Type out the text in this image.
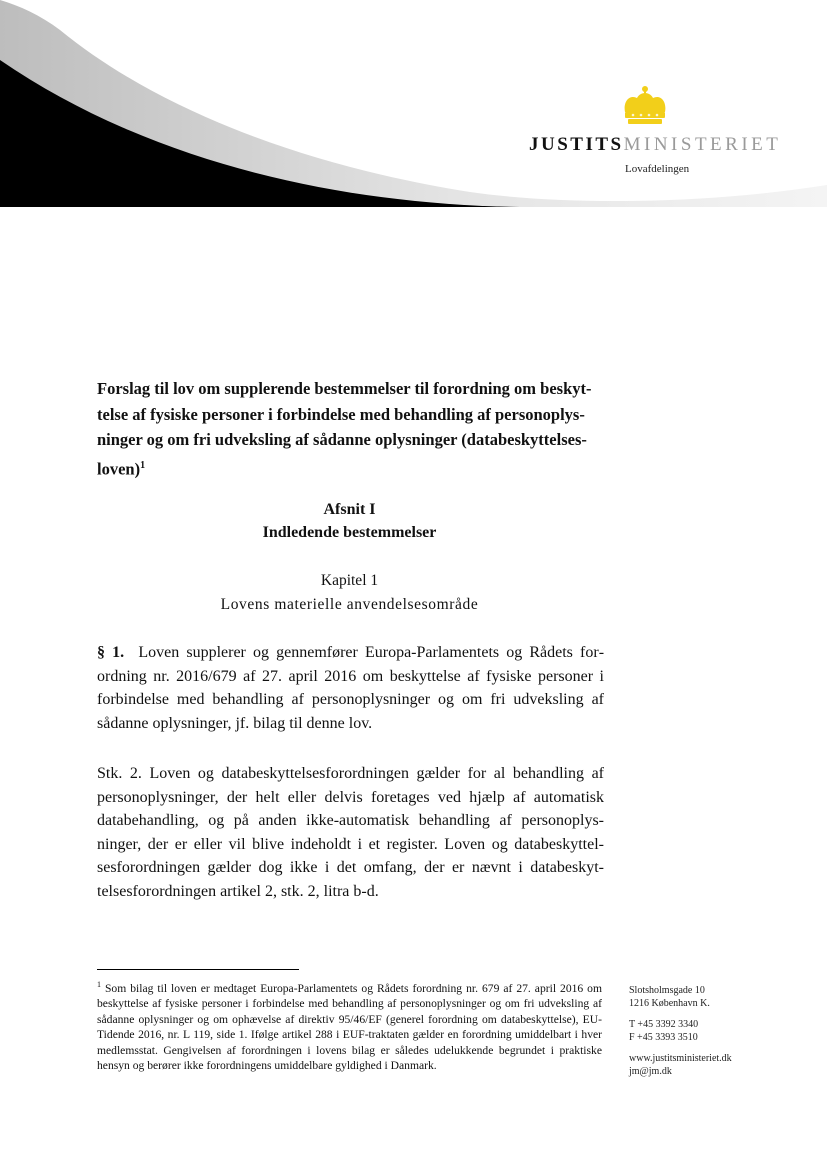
JUSTITSMINISTERIET
Lovafdelingen
Forslag til lov om supplerende bestemmelser til forordning om beskyttelse af fysiske personer i forbindelse med behandling af personoplysninger og om fri udveksling af sådanne oplysninger (databeskyttelsesloven)$^1$
Afsnit I
Indledende bestemmelser
Kapitel 1
Lovens materielle anvendelsesområde
§ 1. Loven supplerer og gennemfører Europa-Parlamentets og Rådets forordning nr. 2016/679 af 27. april 2016 om beskyttelse af fysiske personer i forbindelse med behandling af personoplysninger og om fri udveksling af sådanne oplysninger, jf. bilag til denne lov.
Stk. 2. Loven og databeskyttelsesforordningen gælder for al behandling af personoplysninger, der helt eller delvis foretages ved hjælp af automatisk databehandling, og på anden ikke-automatisk behandling af personoplysninger, der er eller vil blive indeholdt i et register. Loven og databeskyttelsesforordningen gælder dog ikke i det omfang, der er nævnt i databeskyttelsesforordningen artikel 2, stk. 2, litra b-d.
$^1$ Som bilag til loven er medtaget Europa-Parlamentets og Rådets forordning nr. 679 af 27. april 2016 om beskyttelse af fysiske personer i forbindelse med behandling af personoplysninger og om fri udveksling af sådanne oplysninger og om ophævelse af direktiv 95/46/EF (generel forordning om databeskyttelse), EU-Tidende 2016, nr. L 119, side 1. Ifølge artikel 288 i EUF-traktaten gælder en forordning umiddelbart i hver medlemsstat. Gengivelsen af forordningen i lovens bilag er således udelukkende begrundet i praktiske hensyn og berører ikke forordningens umiddelbare gyldighed i Danmark.
Slotsholmsgade 10
1216 København K.
T +45 3392 3340
F +45 3393 3510
www.justitsministeriet.dk
jm@jm.dk
